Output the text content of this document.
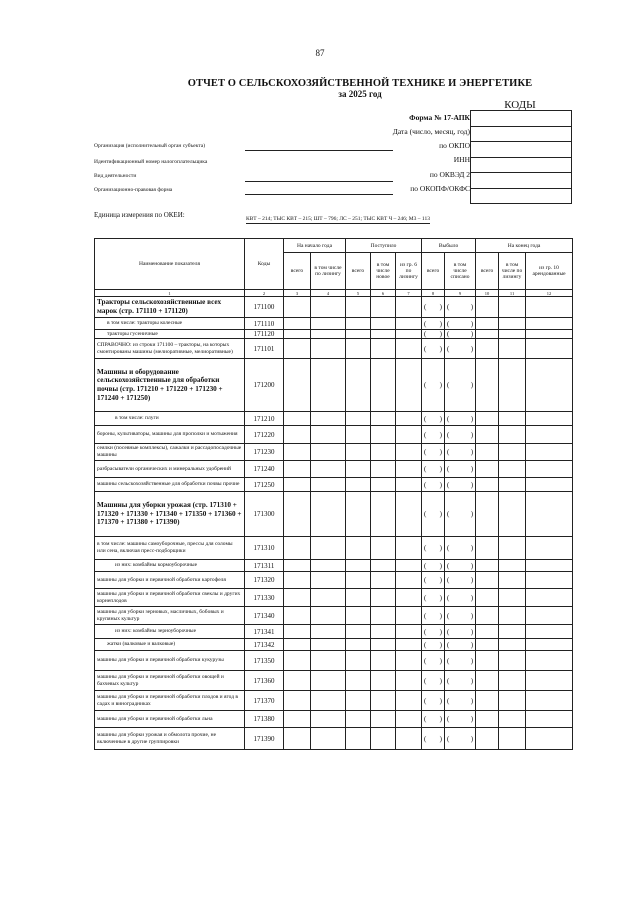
87
ОТЧЕТ О СЕЛЬСКОХОЗЯЙСТВЕННОЙ ТЕХНИКЕ И ЭНЕРГЕТИКЕ
за 2025 год
КОДЫ
Форма № 17-АПК
Дата (число, месяц, год)
по ОКПО
ИНН
по ОКВЭД 2
по ОКОПФ/ОКФС
Организация (исполнительный орган субъекта)
Идентификационный номер налогоплательщика
Вид деятельности
Организационно-правовая форма
Единица измерения по ОКЕИ:	КВТ – 214; ТЫС КВТ – 215; ШТ – 796; ЛС – 251; ТЫС КВТ Ч – 246; М3 – 113
Наименование показателя	Коды	На начало года		Поступило			Выбыло		На конец года		
		всего	в том числе по лизингу	всего	в том числе новое	из гр. 6 по лизингу	всего	в том числе списано	всего	в том числе по лизингу	из гр. 10 арендованные
1	2	3	4	5	6	7	8	9	10	11	12
Тракторы сельскохозяйственные всех марок (стр. 171110 + 171120)	171100						( )	( )			

в том числе: тракторы колесные	171110						( )	( )			

тракторы гусеничные	171120						( )	( )			

СПРАВОЧНО: из строки 171100 – тракторы, на которых смонтированы машины (мелиоративные, мелиоративные)	171101						( )	( )			

Машины и оборудование сельскохозяйственные для обработки почвы (стр. 171210 + 171220 + 171230 + 171240 + 171250)	171200						( )	( )			

в том числе: плуги	171210						( )	( )			

бороны, культиваторы, машины для прополки и мотыжения	171220						( )	( )			

сеялки (посевные комплексы), сажалки и рассадопосадочные машины	171230						( )	( )			

разбрасыватели органических и минеральных удобрений	171240						( )	( )			

машины сельскохозяйственные для обработки почвы прочие	171250						( )	( )			

Машины для уборки урожая (стр. 171310 + 171320 + 171330 + 171340 + 171350 + 171360 + 171370 + 171380 + 171390)	171300						( )	( )			

в том числе: машины самоуборочные, прессы для соломы или сена, включая пресс-подборщики	171310						( )	( )			

из них: комбайны кормоуборочные	171311						( )	( )			

машины для уборки и первичной обработки картофеля	171320						( )	( )			

машины для уборки и первичной обработки свеклы и других корнеплодов	171330						( )	( )			

машины для уборки зерновых, масличных, бобовых и крупяных культур	171340						( )	( )			

из них: комбайны зерноуборочные	171341						( )	( )			

жатки (валковые и валковые)	171342						( )	( )			

машины для уборки и первичной обработки кукурузы	171350						( )	( )			

машины для уборки и первичной обработки овощей и бахчевых культур	171360						( )	( )			

машины для уборки и первичной обработки плодов и ягод в садах и виноградниках	171370						( )	( )			

машины для уборки и первичной обработки льна	171380						( )	( )			

машины для уборки урожая и обмолота прочие, не включенные в другие группировки	171390						( )	( )			
